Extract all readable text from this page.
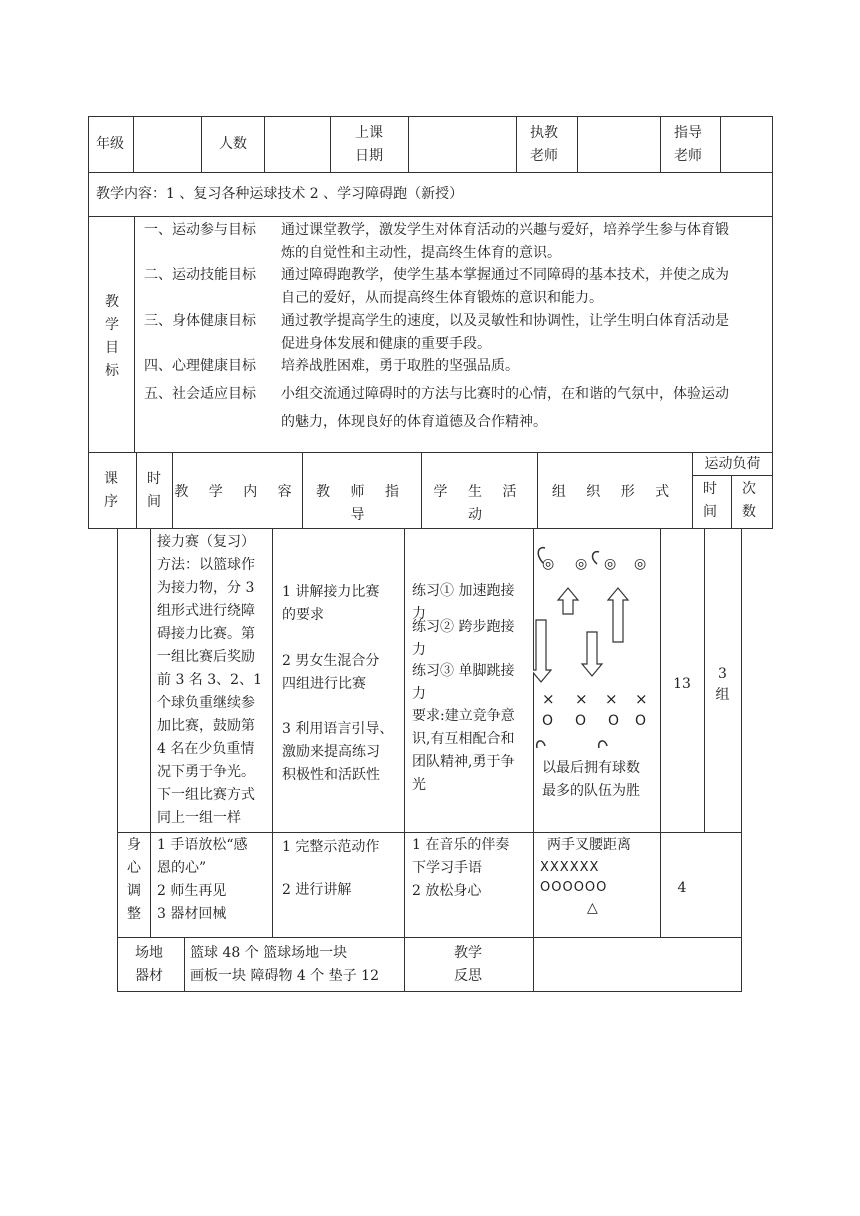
年级	人数
上课
日期
执教
老师
指导
老师
教学内容：1 、复习各种运球技术 2 、学习障碍跑（新授）
教
学
目
标
一、运动参与目标 通过课堂教学，激发学生对体育活动的兴趣与爱好，培养学生参与体育锻
炼的自觉性和主动性，提高终生体育的意识。
二、运动技能目标 通过障碍跑教学，使学生基本掌握通过不同障碍的基本技术，并使之成为
自己的爱好，从而提高终生体育锻炼的意识和能力。
三、身体健康目标 通过教学提高学生的速度，以及灵敏性和协调性，让学生明白体育活动是
促进身体发展和健康的重要手段。
四、心理健康目标 培养战胜困难，勇于取胜的坚强品质。
五、社会适应目标 小组交流通过障碍时的方法与比赛时的心情，在和谐的气氛中，体验运动
的魅力，体现良好的体育道德及合作精神。
课
序
时
间
教 学 内 容	教 师 指 导
学 生 活 动
组 织 形 式
运动负荷
时
间
次
数
接力赛（复习）
方法：以篮球作
为接力物，分 3
组形式进行绕障
碍接力比赛。第
一组比赛后奖励
前 3 名 3、2、1
个球负重继续参
加比赛，鼓励第
4 名在少负重情
况下勇于争光。
下一组比赛方式
同上一组一样
1 讲解接力比赛
的要求
2 男女生混合分
四组进行比赛
3 利用语言引导、
激励来提高练习
积极性和活跃性
练习① 加速跑接
力
练习② 跨步跑接
力
练习③ 单脚跳接
力
要求:建立竞争意
识,有互相配合和
团队精神,勇于争
光
◎ ◎ ◎ ◎
× × × ×
O O O O
以最后拥有球数
最多的队伍为胜
13
3
组
身
心
调
整
1 手语放松“感
恩的心”
2 师生再见
3 器材回械
1 完整示范动作
2 进行讲解
1 在音乐的伴奏
下学习手语
2 放松身心
两手叉腰距离
XXXXXX
OOOOOO
△
4
场地
器材
篮球 48 个 篮球场地一块
画板一块 障碍物 4 个 垫子 12
教学
反思
